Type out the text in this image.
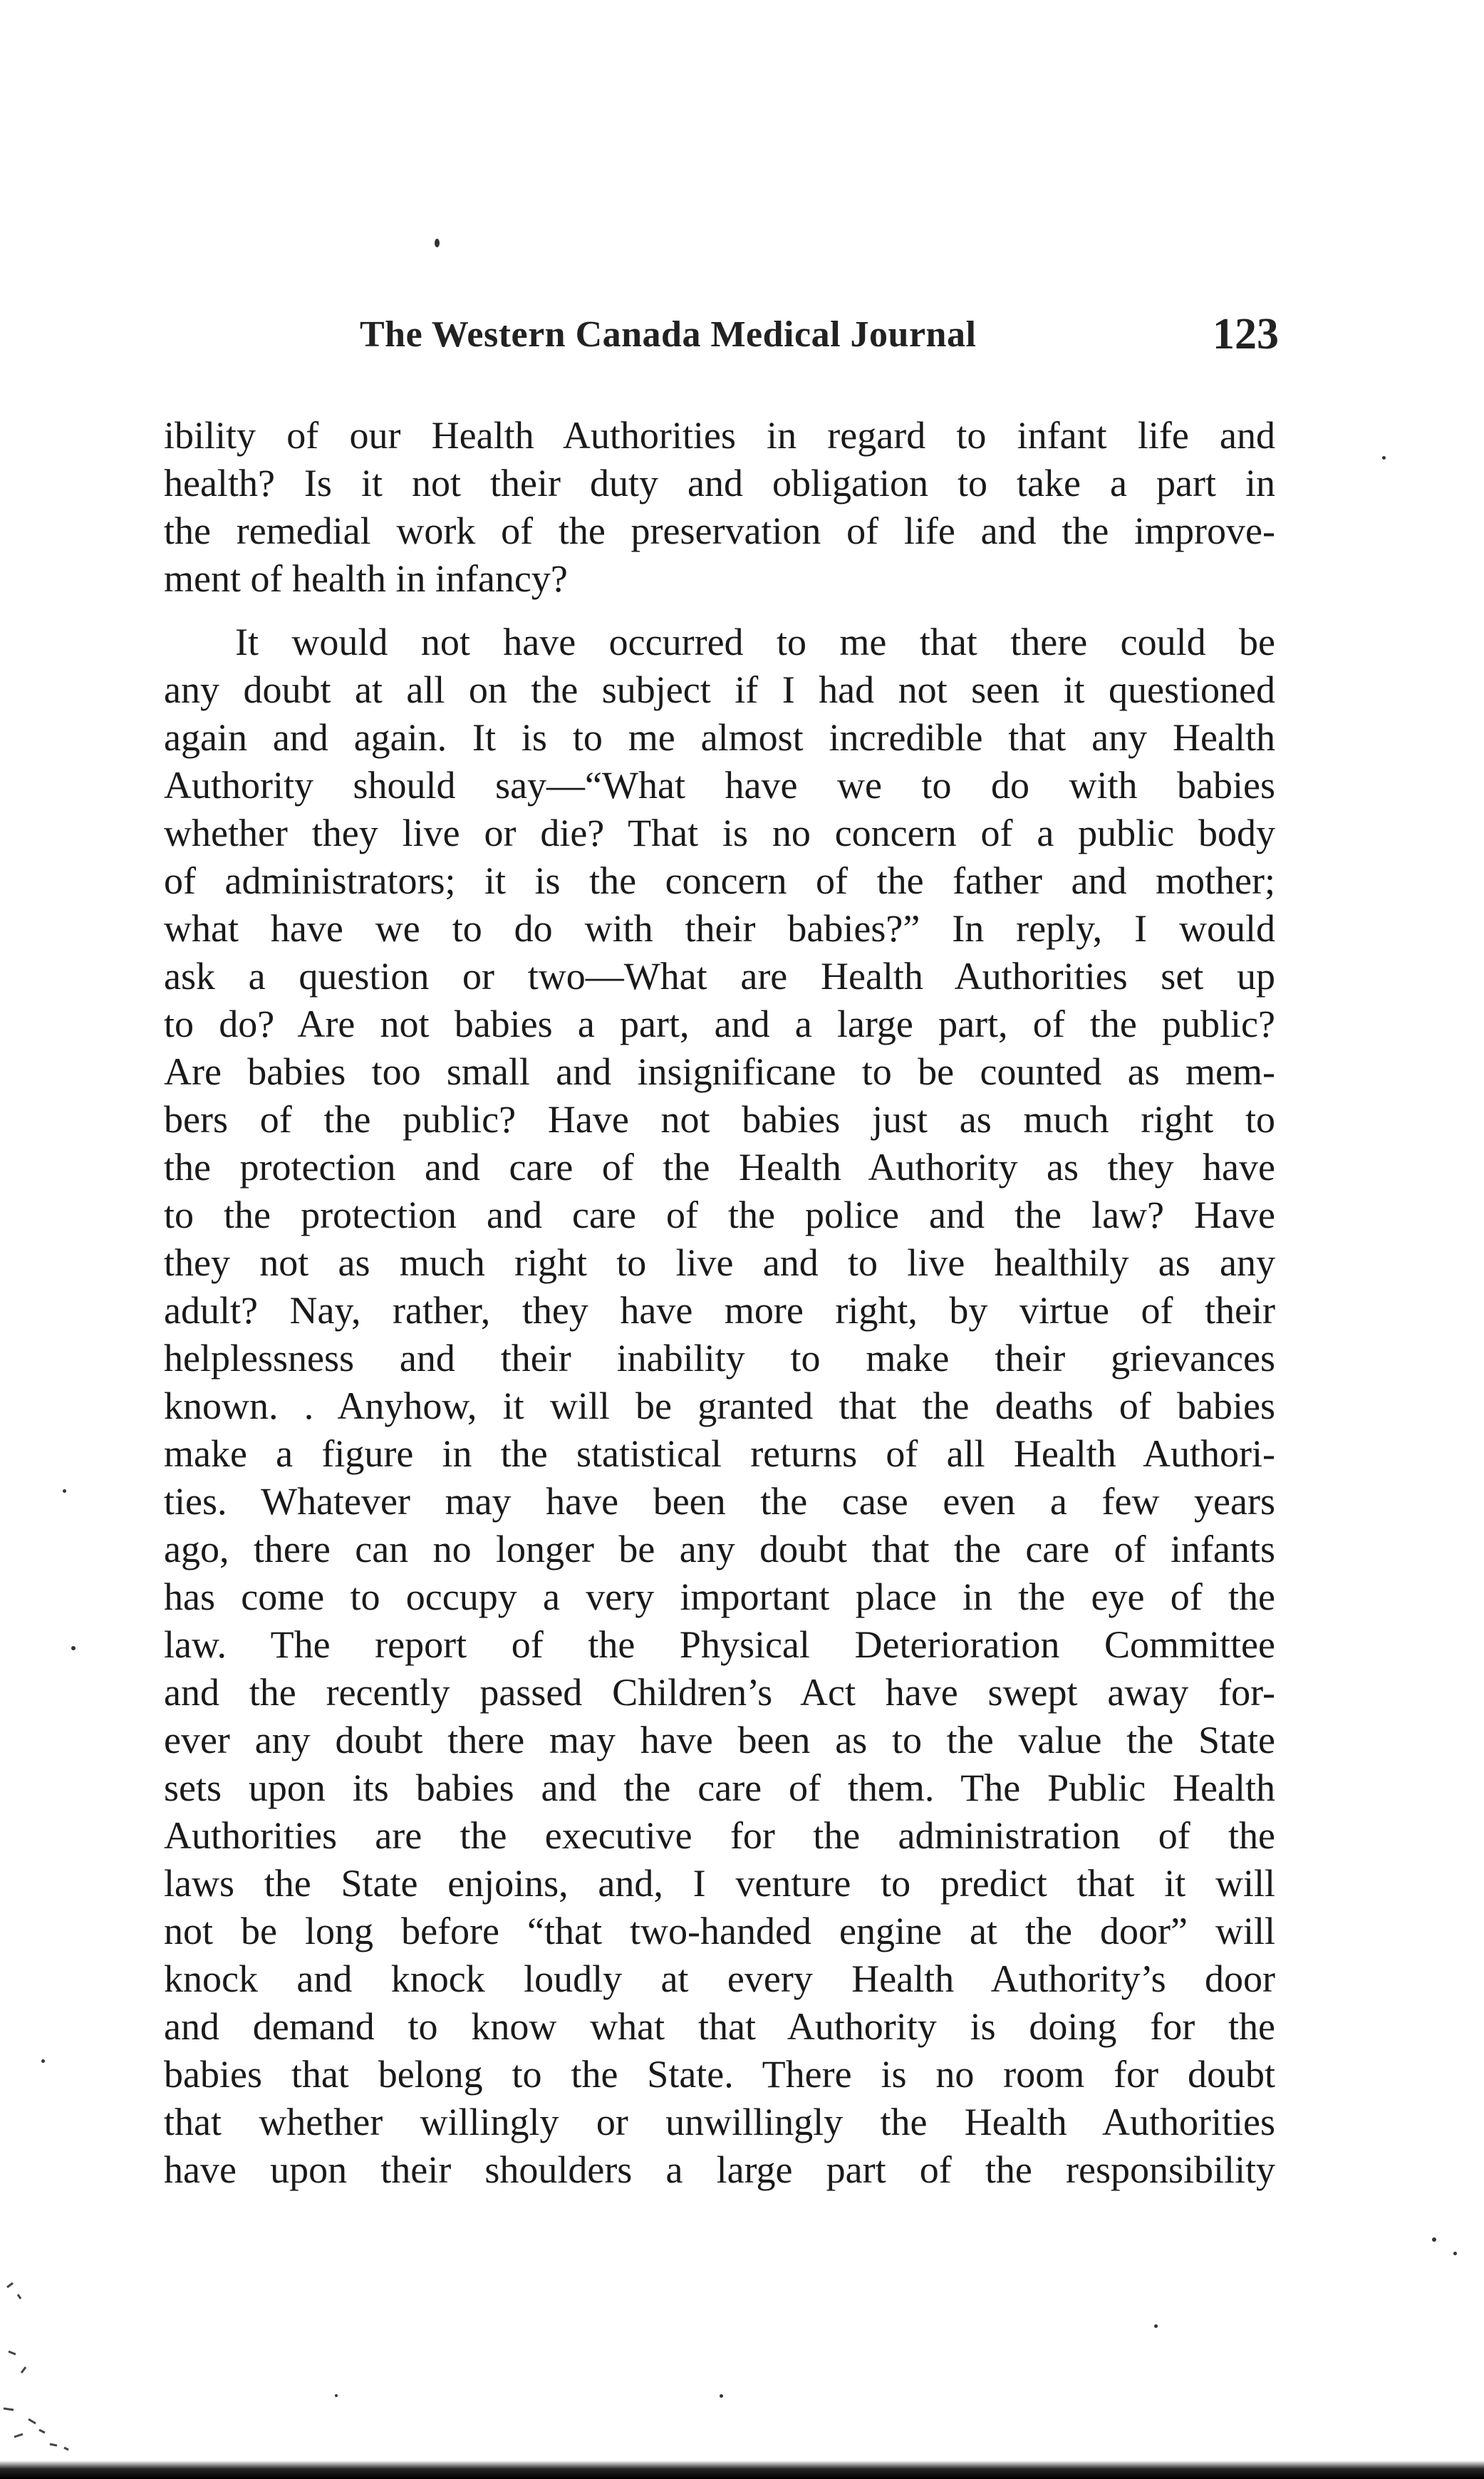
The Western Canada Medical Journal	123
ibility of our Health Authorities in regard to infant life and
health? Is it not their duty and obligation to take a part in
the remedial work of the preservation of life and the improve-
ment of health in infancy?
It would not have occurred to me that there could be
any doubt at all on the subject if I had not seen it questioned
again and again. It is to me almost incredible that any Health
Authority should say—“What have we to do with babies
whether they live or die? That is no concern of a public body
of administrators; it is the concern of the father and mother;
what have we to do with their babies?” In reply, I would
ask a question or two—What are Health Authorities set up
to do? Are not babies a part, and a large part, of the public?
Are babies too small and insignificane to be counted as mem-
bers of the public? Have not babies just as much right to
the protection and care of the Health Authority as they have
to the protection and care of the police and the law? Have
they not as much right to live and to live healthily as any
adult? Nay, rather, they have more right, by virtue of their
helplessness and their inability to make their grievances
known. . Anyhow, it will be granted that the deaths of babies
make a figure in the statistical returns of all Health Authori-
ties. Whatever may have been the case even a few years
ago, there can no longer be any doubt that the care of infants
has come to occupy a very important place in the eye of the
law. The report of the Physical Deterioration Committee
and the recently passed Children’s Act have swept away for-
ever any doubt there may have been as to the value the State
sets upon its babies and the care of them. The Public Health
Authorities are the executive for the administration of the
laws the State enjoins, and, I venture to predict that it will
not be long before “that two-handed engine at the door” will
knock and knock loudly at every Health Authority’s door
and demand to know what that Authority is doing for the
babies that belong to the State. There is no room for doubt
that whether willingly or unwillingly the Health Authorities
have upon their shoulders a large part of the responsibility
